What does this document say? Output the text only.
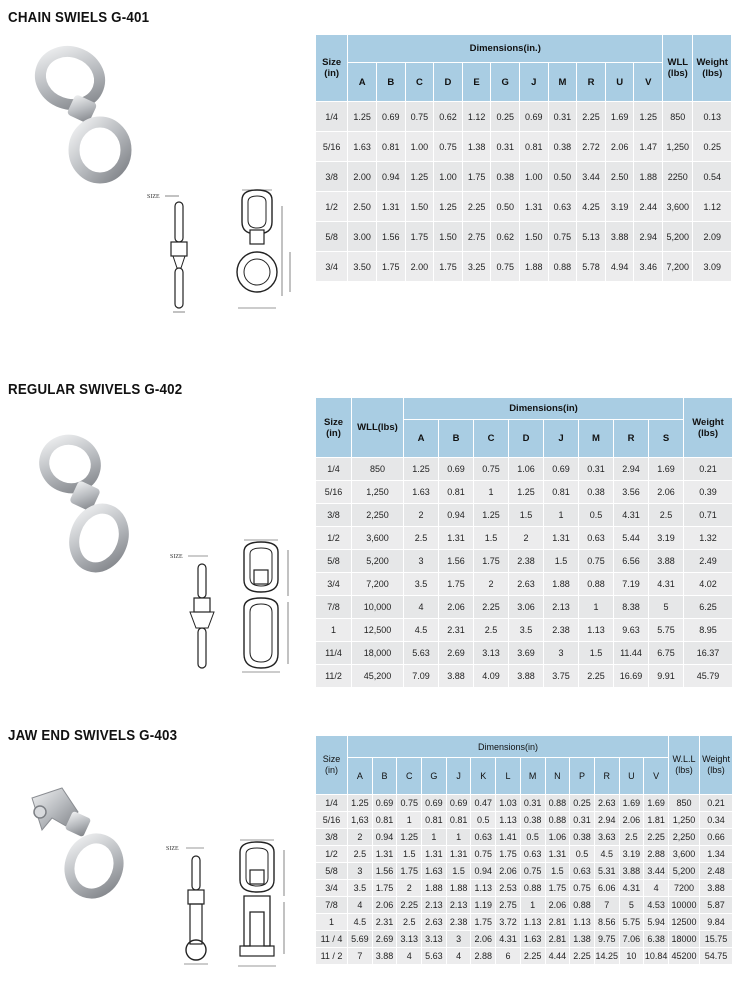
CHAIN SWIELS G-401
SIZE
Size (in)	Dimensions(in.)											WLL (lbs)	Weight (lbs)
	A	B	C	D	E	G	J	M	R	U	V		
1/4	1.25	0.69	0.75	0.62	1.12	0.25	0.69	0.31	2.25	1.69	1.25	850	0.13
5/16	1.63	0.81	1.00	0.75	1.38	0.31	0.81	0.38	2.72	2.06	1.47	1,250	0.25
3/8	2.00	0.94	1.25	1.00	1.75	0.38	1.00	0.50	3.44	2.50	1.88	2250	0.54
1/2	2.50	1.31	1.50	1.25	2.25	0.50	1.31	0.63	4.25	3.19	2.44	3,600	1.12
5/8	3.00	1.56	1.75	1.50	2.75	0.62	1.50	0.75	5.13	3.88	2.94	5,200	2.09
3/4	3.50	1.75	2.00	1.75	3.25	0.75	1.88	0.88	5.78	4.94	3.46	7,200	3.09
REGULAR SWIVELS G-402
SIZE
Size (in)	WLL(lbs)	Dimensions(in)								Weight (lbs)
		A	B	C	D	J	M	R	S	
1/4	850	1.25	0.69	0.75	1.06	0.69	0.31	2.94	1.69	0.21
5/16	1,250	1.63	0.81	1	1.25	0.81	0.38	3.56	2.06	0.39
3/8	2,250	2	0.94	1.25	1.5	1	0.5	4.31	2.5	0.71
1/2	3,600	2.5	1.31	1.5	2	1.31	0.63	5.44	3.19	1.32
5/8	5,200	3	1.56	1.75	2.38	1.5	0.75	6.56	3.88	2.49
3/4	7,200	3.5	1.75	2	2.63	1.88	0.88	7.19	4.31	4.02
7/8	10,000	4	2.06	2.25	3.06	2.13	1	8.38	5	6.25
1	12,500	4.5	2.31	2.5	3.5	2.38	1.13	9.63	5.75	8.95
11/4	18,000	5.63	2.69	3.13	3.69	3	1.5	11.44	6.75	16.37
11/2	45,200	7.09	3.88	4.09	3.88	3.75	2.25	16.69	9.91	45.79
JAW END SWIVELS G-403
SIZE
Size (in)	Dimensions(in)													W.L.L (lbs)	Weight (lbs)
	A	B	C	G	J	K	L	M	N	P	R	U	V		
1/4	1.25	0.69	0.75	0.69	0.69	0.47	1.03	0.31	0.88	0.25	2.63	1.69	1.69	850	0.21
5/16	1,63	0.81	1	0.81	0.81	0.5	1.13	0.38	0.88	0.31	2.94	2.06	1.81	1,250	0.34
3/8	2	0.94	1.25	1	1	0.63	1.41	0.5	1.06	0.38	3.63	2.5	2.25	2,250	0.66
1/2	2.5	1.31	1.5	1.31	1.31	0.75	1.75	0.63	1.31	0.5	4.5	3.19	2.88	3,600	1.34
5/8	3	1.56	1.75	1.63	1.5	0.94	2.06	0.75	1.5	0.63	5.31	3.88	3.44	5,200	2.48
3/4	3.5	1.75	2	1.88	1.88	1.13	2.53	0.88	1.75	0.75	6.06	4.31	4	7200	3.88
7/8	4	2.06	2.25	2.13	2.13	1.19	2.75	1	2.06	0.88	7	5	4.53	10000	5.87
1	4.5	2.31	2.5	2.63	2.38	1.75	3.72	1.13	2.81	1.13	8.56	5.75	5.94	12500	9.84
11 / 4	5.69	2.69	3.13	3.13	3	2.06	4.31	1.63	2.81	1.38	9.75	7.06	6.38	18000	15.75
11 / 2	7	3.88	4	5.63	4	2.88	6	2.25	4.44	2.25	14.25	10	10.84	45200	54.75
